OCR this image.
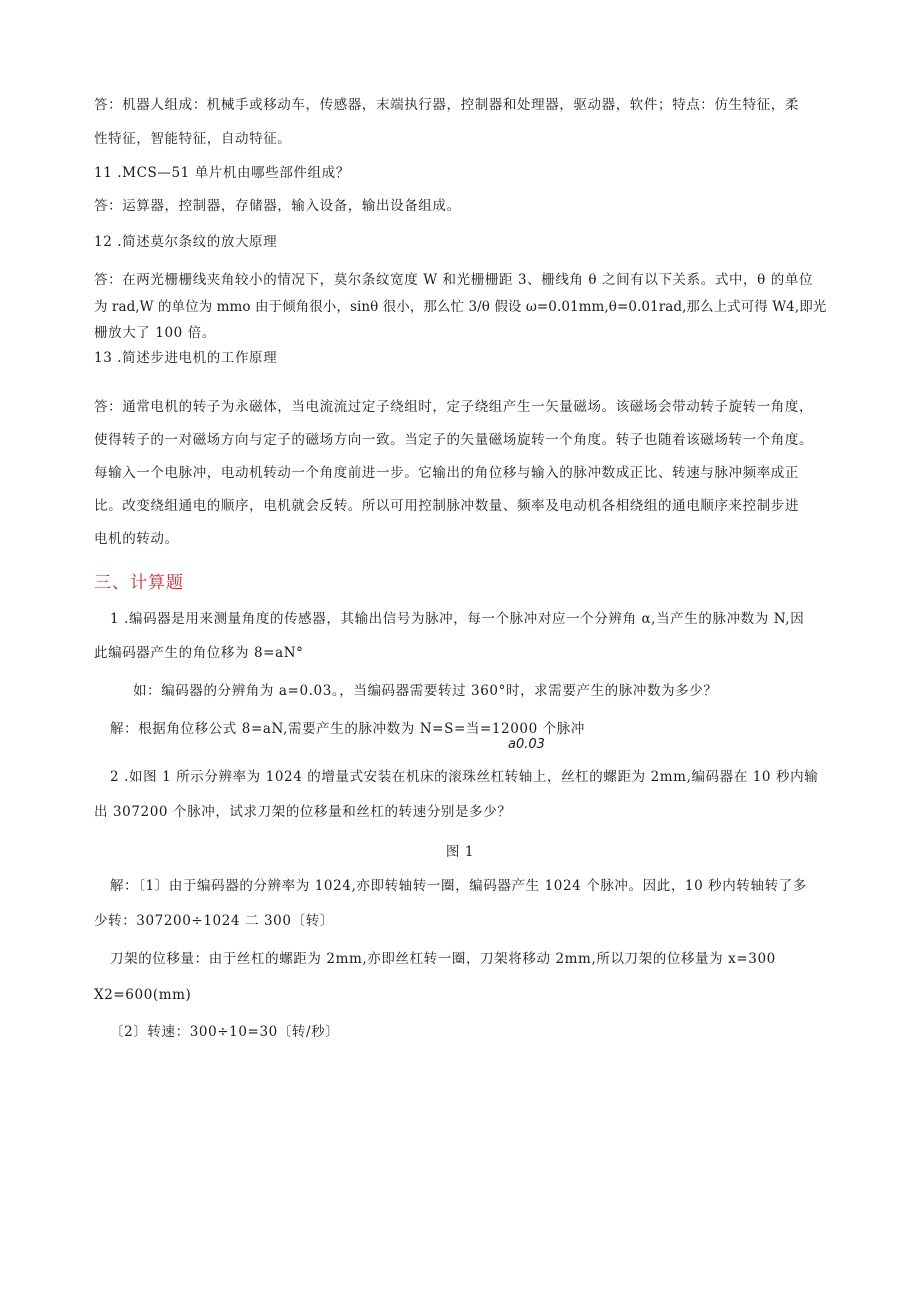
答：机器人组成：机械手或移动车，传感器，末端执行器，控制器和处理器，驱动器，软件；特点：仿生特征，柔
性特征，智能特征，自动特征。
11 .MCS—51 单片机由哪些部件组成？
答：运算器，控制器，存储器，输入设备，输出设备组成。
12 .简述莫尔条纹的放大原理
答：在两光栅栅线夹角较小的情况下，莫尔条纹宽度 W 和光栅栅距 3、栅线角 θ 之间有以下关系。式中，θ 的单位
为 rad,W 的单位为 mmo 由于倾角很小，sinθ 很小，那么忙 3/θ 假设 ω=0.01mm,θ=0.01rad,那么上式可得 W4,即光
栅放大了 100 倍。
13 .简述步进电机的工作原理
答：通常电机的转子为永磁体，当电流流过定子绕组时，定子绕组产生一矢量磁场。该磁场会带动转子旋转一角度，
使得转子的一对磁场方向与定子的磁场方向一致。当定子的矢量磁场旋转一个角度。转子也随着该磁场转一个角度。
每输入一个电脉冲，电动机转动一个角度前进一步。它输出的角位移与输入的脉冲数成正比、转速与脉冲频率成正
比。改变绕组通电的顺序，电机就会反转。所以可用控制脉冲数量、频率及电动机各相绕组的通电顺序来控制步进
电机的转动。
三、计算题
1 .编码器是用来测量角度的传感器，其输出信号为脉冲，每一个脉冲对应一个分辨角 α,当产生的脉冲数为 N,因
此编码器产生的角位移为 8=aN°
如：编码器的分辨角为 a=0.03。，当编码器需要转过 360°时，求需要产生的脉冲数为多少？
解：根据角位移公式 8=aN,需要产生的脉冲数为 N=S=当=12000 个脉冲
a0.03
2 .如图 1 所示分辨率为 1024 的增量式安装在机床的滚珠丝杠转轴上，丝杠的螺距为 2mm,编码器在 10 秒内输
出 307200 个脉冲，试求刀架的位移量和丝杠的转速分别是多少？
图 1
解：〔1〕由于编码器的分辨率为 1024,亦即转轴转一圈，编码器产生 1024 个脉冲。因此，10 秒内转轴转了多
少转：307200÷1024 二 300〔转〕
刀架的位移量：由于丝杠的螺距为 2mm,亦即丝杠转一圈，刀架将移动 2mm,所以刀架的位移量为 x=300
X2=600(mm)
〔2〕转速：300÷10=30〔转/秒〕
